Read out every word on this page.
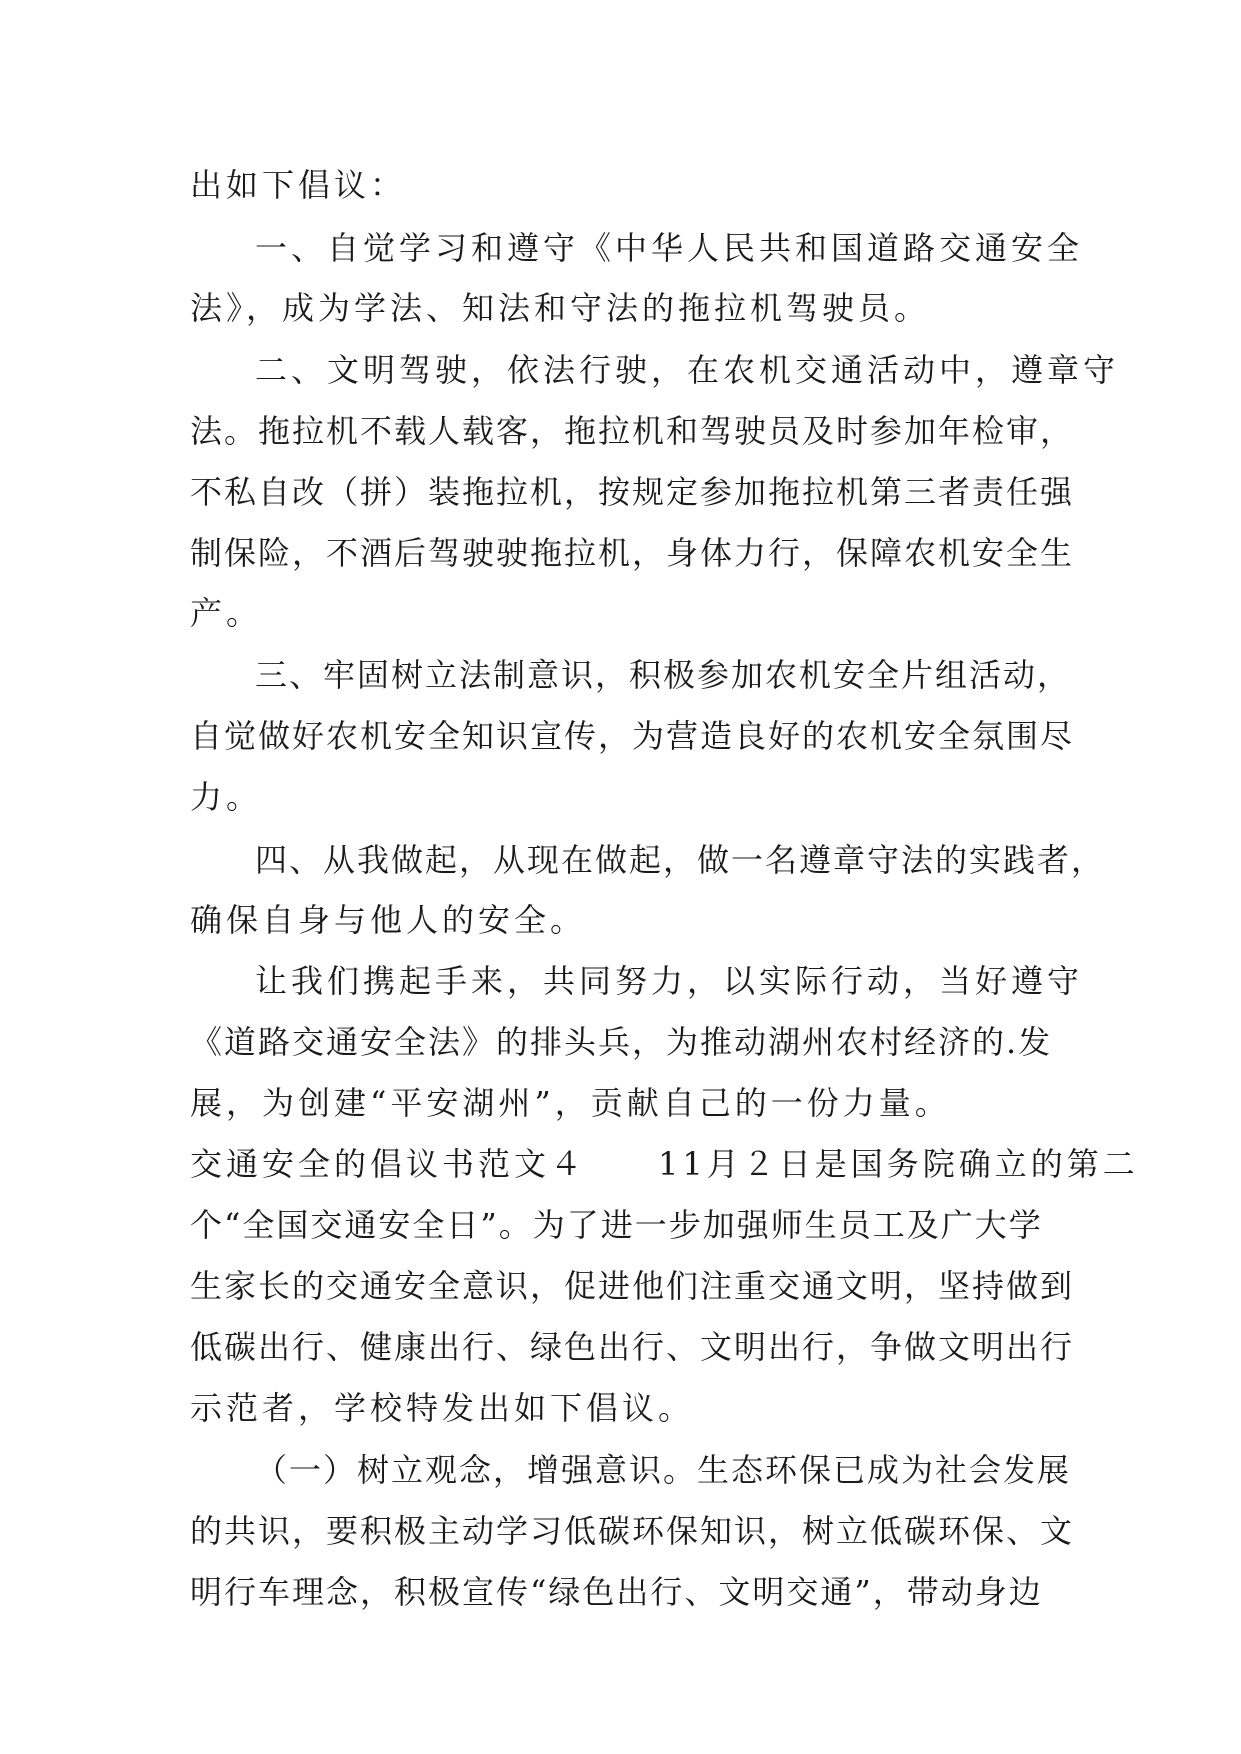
出如下倡议：
一、自觉学习和遵守《中华人民共和国道路交通安全
法》，成为学法、知法和守法的拖拉机驾驶员。
二、文明驾驶，依法行驶，在农机交通活动中，遵章守
法。拖拉机不载人载客，拖拉机和驾驶员及时参加年检审，
不私自改（拼）装拖拉机，按规定参加拖拉机第三者责任强
制保险，不酒后驾驶驶拖拉机，身体力行，保障农机安全生
产。
三、牢固树立法制意识，积极参加农机安全片组活动，
自觉做好农机安全知识宣传，为营造良好的农机安全氛围尽
力。
四、从我做起，从现在做起，做一名遵章守法的实践者，
确保自身与他人的安全。
让我们携起手来，共同努力，以实际行动，当好遵守
《道路交通安全法》的排头兵，为推动湖州农村经济的.发
展，为创建“平安湖州”，贡献自己的一份力量。
交通安全的倡议书范文４　　11月２日是国务院确立的第二
个“全国交通安全日”。为了进一步加强师生员工及广大学
生家长的交通安全意识，促进他们注重交通文明，坚持做到
低碳出行、健康出行、绿色出行、文明出行，争做文明出行
示范者，学校特发出如下倡议。
（一）树立观念，增强意识。生态环保已成为社会发展
的共识，要积极主动学习低碳环保知识，树立低碳环保、文
明行车理念，积极宣传“绿色出行、文明交通”，带动身边
